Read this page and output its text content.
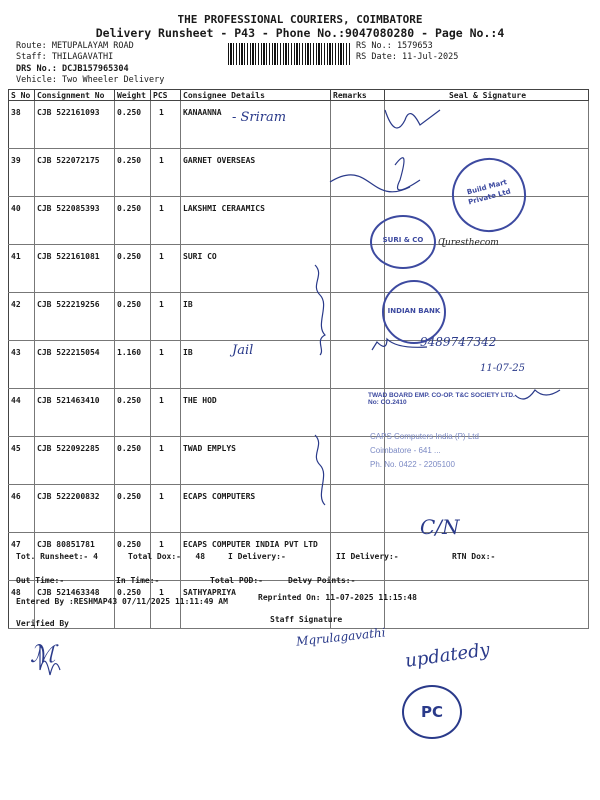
THE PROFESSIONAL COURIERS, COIMBATORE
Delivery Runsheet - P43 - Phone No.:9047080280 - Page No.:4
Route: METUPALAYAM ROAD
Staff: THILAGAVATHI
DRS No.: DCJB157965304
Vehicle: Two Wheeler Delivery
RS No.: 1579653
RS Date: 11-Jul-2025
S No	Consignment No	Weight	PCS	Consignee Details	Remarks	Seal & Signature
38	CJB 522161093	0.250	1	KANAANNA		
39	CJB 522072175	0.250	1	GARNET OVERSEAS		
40	CJB 522085393	0.250	1	LAKSHMI CERAAMICS		
41	CJB 522161081	0.250	1	SURI CO		
42	CJB 522219256	0.250	1	IB		
43	CJB 522215054	1.160	1	IB		
44	CJB 521463410	0.250	1	THE HOD		
45	CJB 522092285	0.250	1	TWAD EMPLYS		
46	CJB 522200832	0.250	1	ECAPS COMPUTERS		
47	CJB 80851781	0.250	1	ECAPS COMPUTER INDIA PVT LTD		
48	CJB 521463348	0.250	1	SATHYAPRIYA		
- Sriram
Jail
9489747342
11-07-25
C/N
Mqrulagavathi
updatedy
ℳ
Build Mart Private Ltd
SURI & CO
INDIAN BANK
Ɋuresthecom
TWAD BOARD EMP. CO-OP. T&C SOCIETY LTD. No: CO.2410
CAPS Computers India (P) Ltd
Coimbatore - 641 ...
Ph. No. 0422 - 2205100
PC
Tot. Runsheet:- 4	Total Dox:-   48	I Delivery:-	II Delivery:-	RTN Dox:-
Out Time:-	In Time:-	Total POD:-	Delvy Points:-
Entered By :RESHMAP43 07/11/2025 11:11:49 AM	Reprinted On: 11-07-2025 11:15:48
Verified By	Staff Signature
